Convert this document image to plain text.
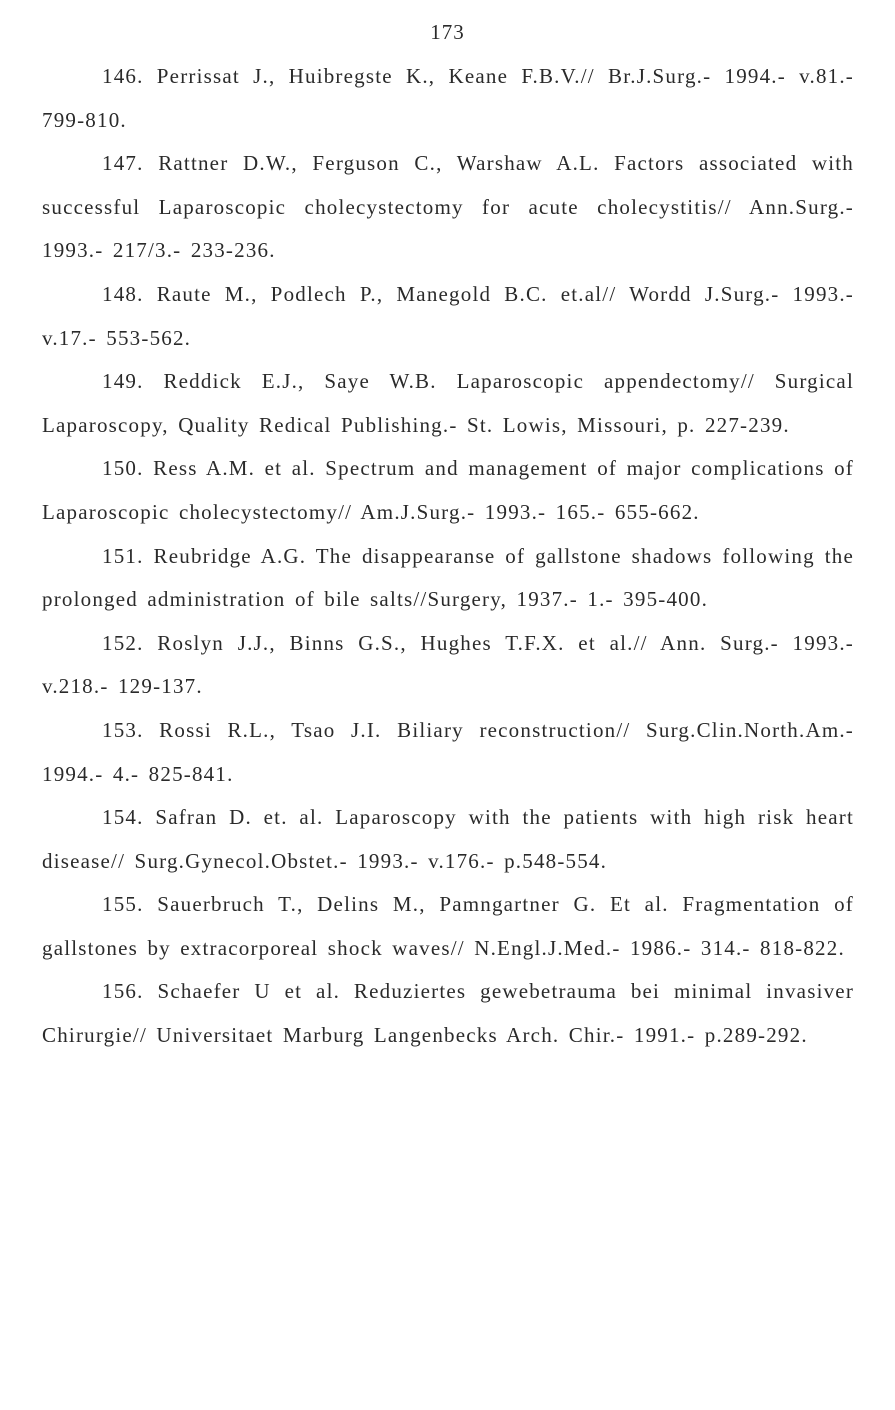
173
146. Perrissat J., Huibregste K., Keane F.B.V.// Br.J.Surg.- 1994.- v.81.- 799-810.
147. Rattner D.W., Ferguson C., Warshaw A.L. Factors associated with successful Laparoscopic cholecystectomy for acute cholecystitis// Ann.Surg.- 1993.- 217/3.- 233-236.
148. Raute M., Podlech P., Manegold B.C. et.al// Wordd J.Surg.- 1993.- v.17.- 553-562.
149. Reddick E.J., Saye W.B. Laparoscopic appendectomy// Surgical Laparoscopy, Quality Redical Publishing.- St. Lowis, Missouri, p. 227-239.
150. Ress A.M. et al. Spectrum and management of major complications of Laparoscopic cholecystectomy// Am.J.Surg.- 1993.- 165.- 655-662.
151. Reubridge A.G. The disappearanse of gallstone shadows following the prolonged administration of bile salts//Surgery, 1937.- 1.- 395-400.
152. Roslyn J.J., Binns G.S., Hughes T.F.X. et al.// Ann. Surg.- 1993.- v.218.- 129-137.
153. Rossi R.L., Tsao J.I. Biliary reconstruction// Surg.Clin.North.Am.- 1994.- 4.- 825-841.
154. Safran D. et. al. Laparoscopy with the patients with high risk heart disease// Surg.Gynecol.Obstet.- 1993.- v.176.- p.548-554.
155. Sauerbruch T., Delins M., Pamngartner G. Et al. Fragmentation of gallstones by extracorporeal shock waves// N.Engl.J.Med.- 1986.- 314.- 818-822.
156. Schaefer U et al. Reduziertes gewebetrauma bei minimal invasiver Chirurgie// Universitaet Marburg Langenbecks Arch. Chir.- 1991.- p.289-292.
